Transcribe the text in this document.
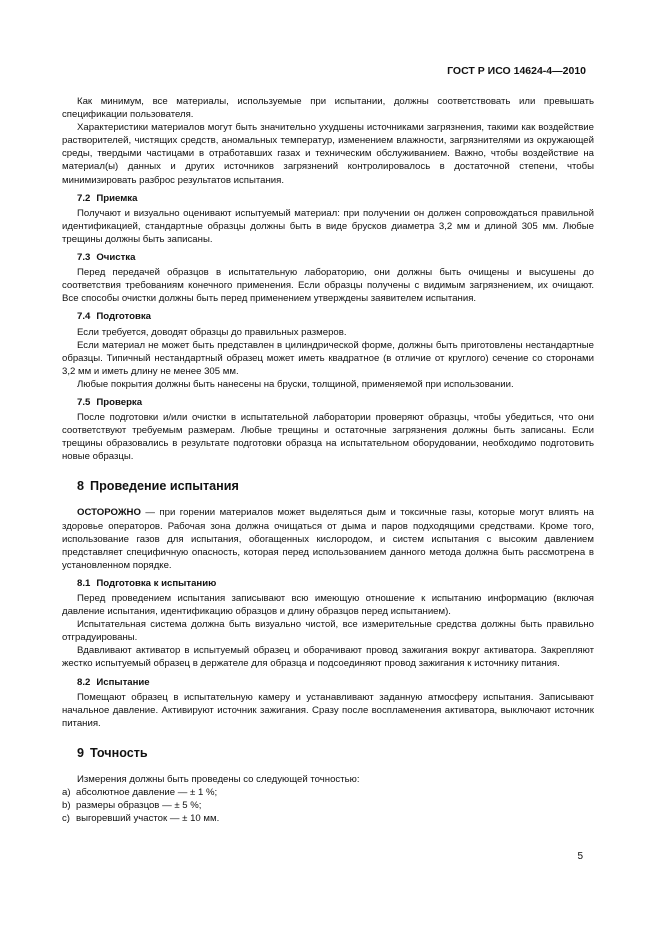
ГОСТ Р ИСО 14624-4—2010

Как минимум, все материалы, используемые при испытании, должны соответствовать или превышать спецификации пользователя.

Характеристики материалов могут быть значительно ухудшены источниками загрязнения, такими как воздействие растворителей, чистящих средств, аномальных температур, изменением влажности, загрязнителями из окружающей среды, твердыми частицами в отработавших газах и техническим обслуживанием. Важно, чтобы воздействие на материал(ы) данных и других источников загрязнений контролировалось в достаточной степени, чтобы минимизировать разброс результатов испытания.

7.2 Приемка

Получают и визуально оценивают испытуемый материал: при получении он должен сопровождаться правильной идентификацией, стандартные образцы должны быть в виде брусков диаметра 3,2 мм и длиной 305 мм. Любые трещины должны быть записаны.

7.3 Очистка

Перед передачей образцов в испытательную лабораторию, они должны быть очищены и высушены до соответствия требованиям конечного применения. Если образцы получены с видимым загрязнением, их очищают. Все способы очистки должны быть перед применением утверждены заявителем испытания.

7.4 Подготовка

Если требуется, доводят образцы до правильных размеров.

Если материал не может быть представлен в цилиндрической форме, должны быть приготовлены нестандартные образцы. Типичный нестандартный образец может иметь квадратное (в отличие от круглого) сечение со сторонами 3,2 мм и иметь длину не менее 305 мм.

Любые покрытия должны быть нанесены на бруски, толщиной, применяемой при использовании.

7.5 Проверка

После подготовки и/или очистки в испытательной лаборатории проверяют образцы, чтобы убедиться, что они соответствуют требуемым размерам. Любые трещины и остаточные загрязнения должны быть записаны. Если трещины образовались в результате подготовки образца на испытательном оборудовании, необходимо подготовить новые образцы.

8 Проведение испытания

ОСТОРОЖНО — при горении материалов может выделяться дым и токсичные газы, которые могут влиять на здоровье операторов. Рабочая зона должна очищаться от дыма и паров подходящими средствами. Кроме того, использование газов для испытания, обогащенных кислородом, и систем испытания с высоким давлением представляет специфичную опасность, которая перед использованием данного метода должна быть рассмотрена в установленном порядке.

8.1 Подготовка к испытанию

Перед проведением испытания записывают всю имеющую отношение к испытанию информацию (включая давление испытания, идентификацию образцов и длину образцов перед испытанием).

Испытательная система должна быть визуально чистой, все измерительные средства должны быть правильно отградуированы.

Вдавливают активатор в испытуемый образец и оборачивают провод зажигания вокруг активатора. Закрепляют жестко испытуемый образец в держателе для образца и подсоединяют провод зажигания к источнику питания.

8.2 Испытание

Помещают образец в испытательную камеру и устанавливают заданную атмосферу испытания. Записывают начальное давление. Активируют источник зажигания. Сразу после воспламенения активатора, выключают источник питания.

9 Точность

Измерения должны быть проведены со следующей точностью:

a) абсолютное давление — ± 1 %;

b) размеры образцов — ± 5 %;

c) выгоревший участок — ± 10 мм.

5
